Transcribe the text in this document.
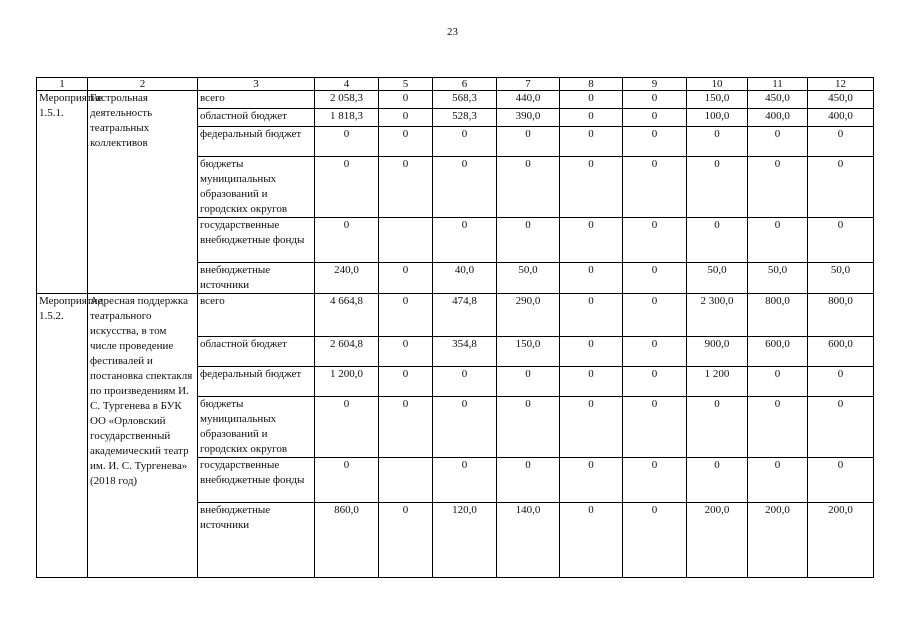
23
1	2	3	4	5	6	7	8	9	10	11	12
Мероприятие 1.5.1.	Гастрольная деятельность театральных коллективов	всего	2 058,3	0	568,3	440,0	0	0	150,0	450,0	450,0
		областной бюджет	1 818,3	0	528,3	390,0	0	0	100,0	400,0	400,0
		федеральный бюджет	0	0	0	0	0	0	0	0	0
		бюджеты муниципальных образований и городских округов	0	0	0	0	0	0	0	0	0
		государственные внебюджетные фонды	0		0	0	0	0	0	0	0
		внебюджетные источники	240,0	0	40,0	50,0	0	0	50,0	50,0	50,0
Мероприятие 1.5.2.	Адресная поддержка театрального искусства, в том числе проведение фестивалей и постановка спектакля по произведениям И. С. Тургенева в БУК ОО «Орловский государственный академический театр им. И. С. Тургенева» (2018 год)	всего	4 664,8	0	474,8	290,0	0	0	2 300,0	800,0	800,0
		областной бюджет	2 604,8	0	354,8	150,0	0	0	900,0	600,0	600,0
		федеральный бюджет	1 200,0	0	0	0	0	0	1 200	0	0
		бюджеты муниципальных образований и городских округов	0	0	0	0	0	0	0	0	0
		государственные внебюджетные фонды	0		0	0	0	0	0	0	0
		внебюджетные источники	860,0	0	120,0	140,0	0	0	200,0	200,0	200,0
